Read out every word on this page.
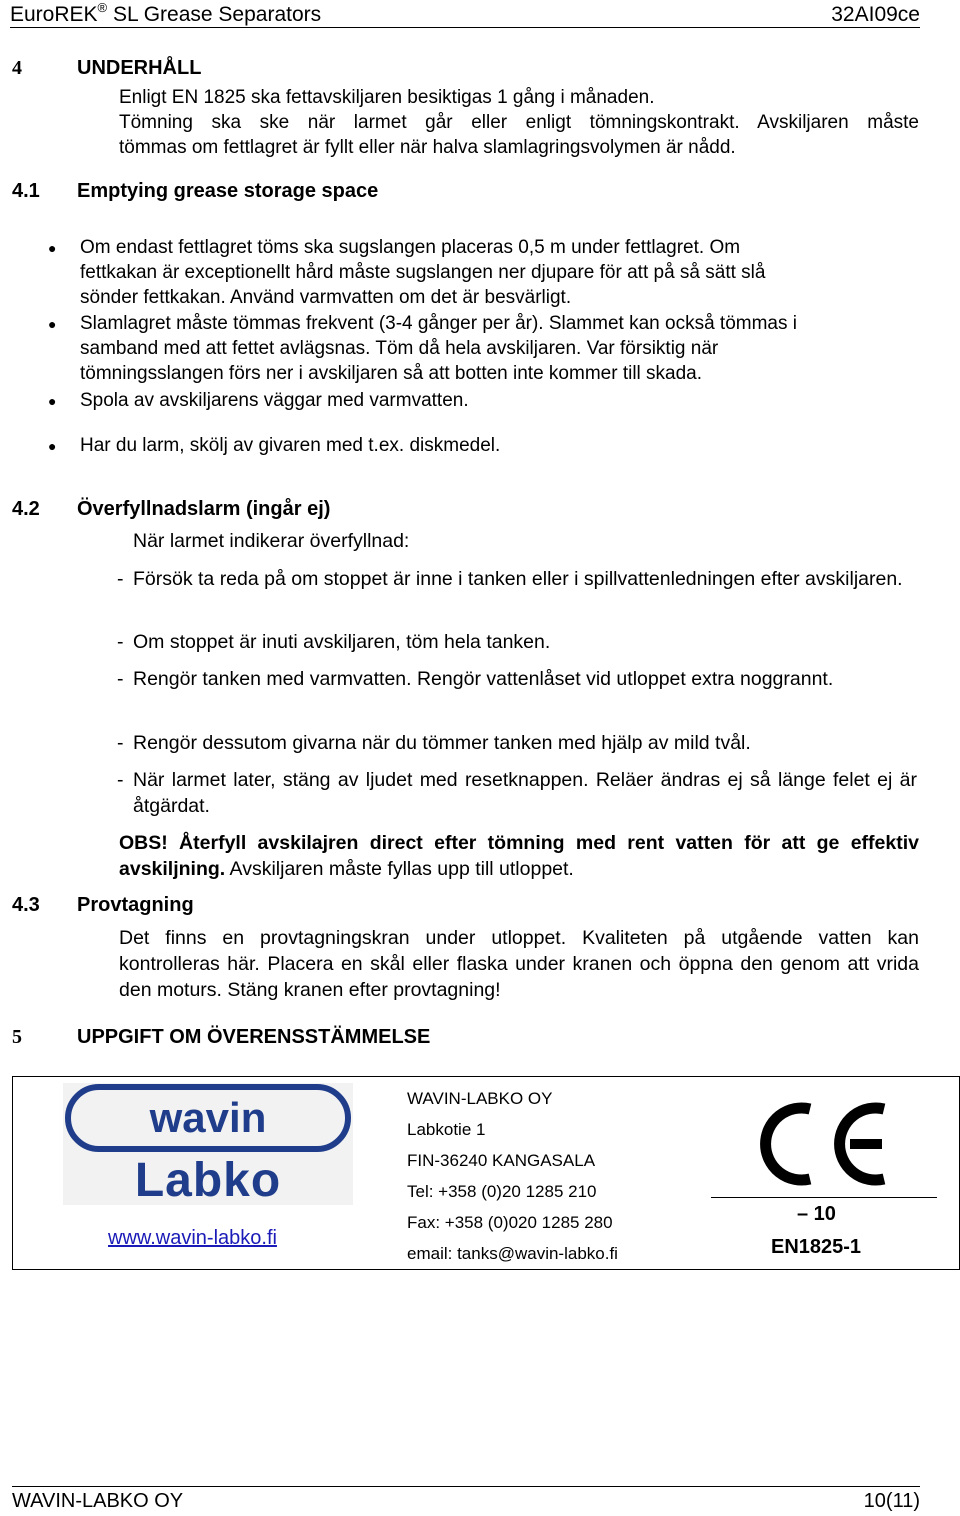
EuroREK® SL Grease Separators	32AI09ce
4	UNDERHÅLL
Enligt EN 1825 ska fettavskiljaren besiktigas 1 gång i månaden.
Tömning ska ske när larmet går eller enligt tömningskontrakt. Avskiljaren måste
tömmas om fettlagret är fyllt eller när halva slamlagringsvolymen är nådd.
4.1 Emptying grease storage space
● Om endast fettlagret töms ska sugslangen placeras 0,5 m under fettlagret. Om
fettkakan är exceptionellt hård måste sugslangen ner djupare för att på så sätt slå
sönder fettkakan. Använd varmvatten om det är besvärligt.
● Slamlagret måste tömmas frekvent (3-4 gånger per år). Slammet kan också tömmas i
samband med att fettet avlägsnas. Töm då hela avskiljaren. Var försiktig när
tömningsslangen förs ner i avskiljaren så att botten inte kommer till skada.
● Spola av avskiljarens väggar med varmvatten.
● Har du larm, skölj av givaren med t.ex. diskmedel.
4.2 Överfyllnadslarm (ingår ej)
När larmet indikerar överfyllnad:
- Försök ta reda på om stoppet är inne i tanken eller i spillvattenledningen efter avskiljaren.
- Om stoppet är inuti avskiljaren, töm hela tanken.
- Rengör tanken med varmvatten. Rengör vattenlåset vid utloppet extra noggrannt.
- Rengör dessutom givarna när du tömmer tanken med hjälp av mild tvål.
- När larmet later, stäng av ljudet med resetknappen. Reläer ändras ej så länge felet ej är åtgärdat.
OBS! Återfyll avskilajren direct efter tömning med rent vatten för att ge effektiv avskiljning. Avskiljaren måste fyllas upp till utloppet.
4.3 Provtagning
Det finns en provtagningskran under utloppet. Kvaliteten på utgående vatten kan kontrolleras här. Placera en skål eller flaska under kranen och öppna den genom att vrida den moturs. Stäng kranen efter provtagning!
5	UPPGIFT OM ÖVERENSSTÄMMELSE
wavin
Labko
www.wavin-labko.fi
WAVIN-LABKO OY
Labkotie 1
FIN-36240 KANGASALA
Tel: +358 (0)20 1285 210
Fax: +358 (0)020 1285 280
email: tanks@wavin-labko.fi
– 10
EN1825-1
WAVIN-LABKO OY	10(11)
